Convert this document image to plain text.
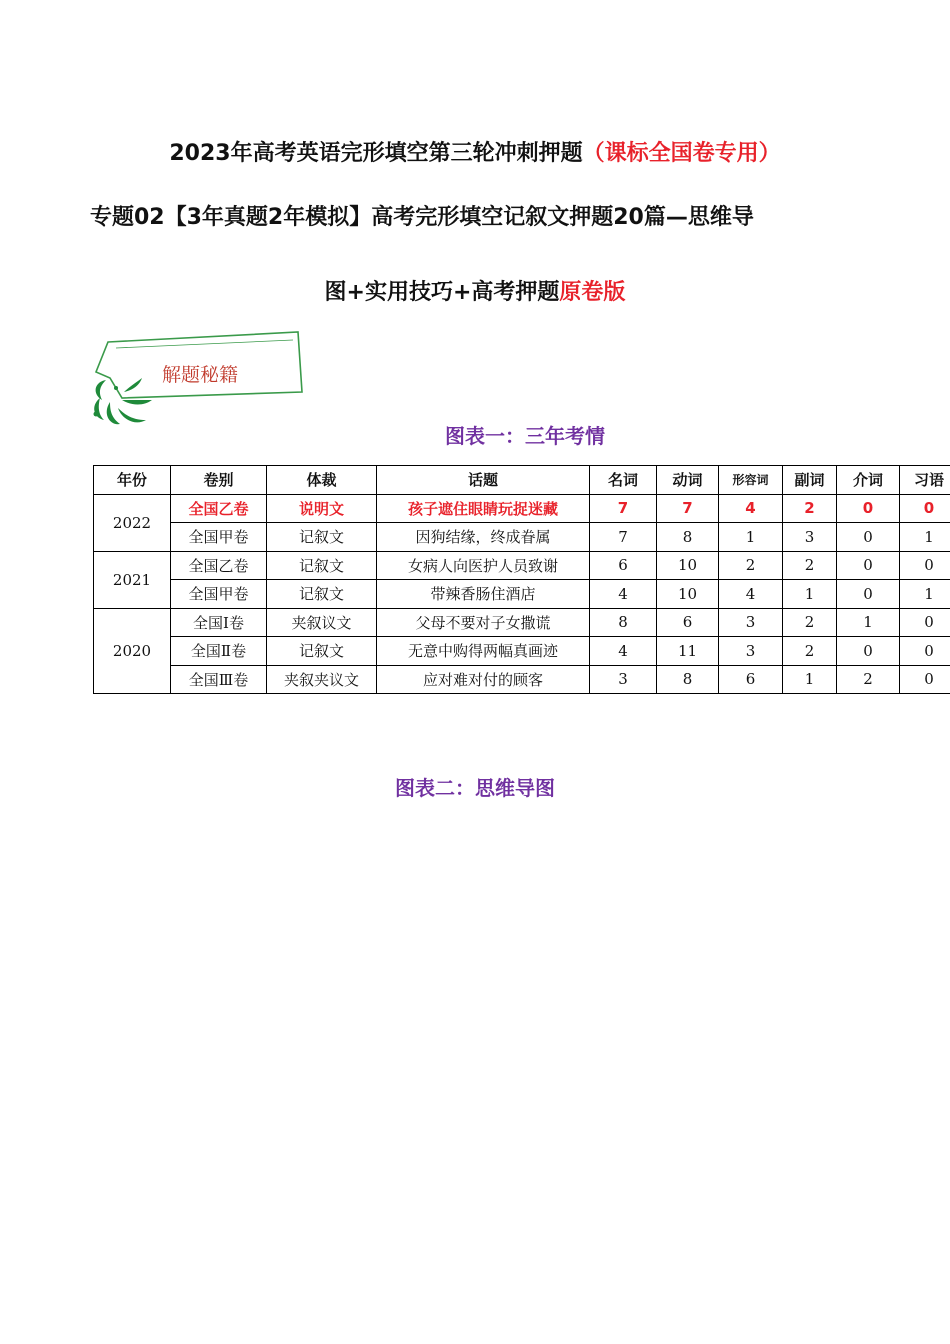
2023年高考英语完形填空第三轮冲刺押题（课标全国卷专用）
专题02【3年真题2年模拟】高考完形填空记叙文押题20篇—思维导
图+实用技巧+高考押题原卷版
解题秘籍
图表一：三年考情
年份	卷别	体裁	话题	名词	动词	形容词	副词	介词	习语
2022	全国乙卷	说明文	孩子遮住眼睛玩捉迷藏	7	7	4	2	0	0
	全国甲卷	记叙文	因狗结缘，终成眷属	7	8	1	3	0	1
2021	全国乙卷	记叙文	女病人向医护人员致谢	6	10	2	2	0	0
	全国甲卷	记叙文	带辣香肠住酒店	4	10	4	1	0	1
2020	全国Ⅰ卷	夹叙议文	父母不要对子女撒谎	8	6	3	2	1	0
	全国Ⅱ卷	记叙文	无意中购得两幅真画迹	4	11	3	2	0	0
	全国Ⅲ卷	夹叙夹议文	应对难对付的顾客	3	8	6	1	2	0
图表二：思维导图
